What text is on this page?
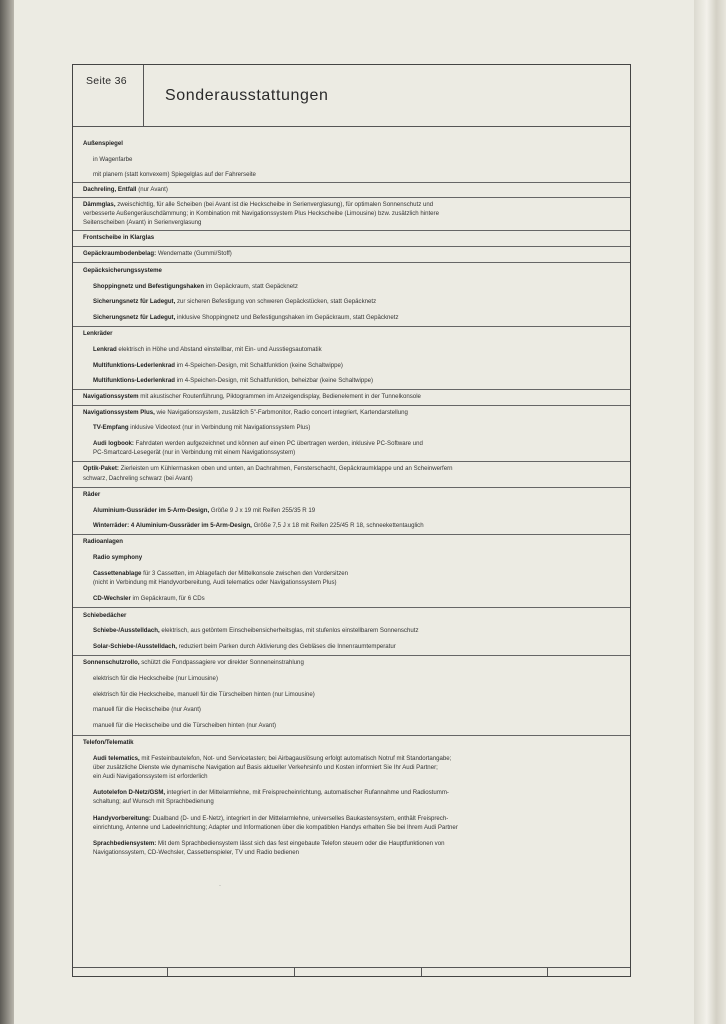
Seite 36
Sonderausstattungen
Außenspiegel
in Wagenfarbe
mit planem (statt konvexem) Spiegelglas auf der Fahrerseite
Dachreling, Entfall (nur Avant)
Dämmglas, zweischichtig, für alle Scheiben (bei Avant ist die Heckscheibe in Serienverglasung), für optimalen Sonnenschutz und
verbesserte Außengeräuschdämmung; in Kombination mit Navigationssystem Plus Heckscheibe (Limousine) bzw. zusätzlich hintere
Seitenscheiben (Avant) in Serienverglasung
Frontscheibe in Klarglas
Gepäckraumbodenbelag: Wendematte (Gummi/Stoff)
Gepäcksicherungssysteme
Shoppingnetz und Befestigungshaken im Gepäckraum, statt Gepäcknetz
Sicherungsnetz für Ladegut, zur sicheren Befestigung von schweren Gepäckstücken, statt Gepäcknetz
Sicherungsnetz für Ladegut, inklusive Shoppingnetz und Befestigungshaken im Gepäckraum, statt Gepäcknetz
Lenkräder
Lenkrad elektrisch in Höhe und Abstand einstellbar, mit Ein- und Ausstiegsautomatik
Multifunktions-Lederlenkrad im 4-Speichen-Design, mit Schaltfunktion (keine Schaltwippe)
Multifunktions-Lederlenkrad im 4-Speichen-Design, mit Schaltfunktion, beheizbar (keine Schaltwippe)
Navigationssystem mit akustischer Routenführung, Piktogrammen im Anzeigendisplay, Bedienelement in der Tunnelkonsole
Navigationssystem Plus, wie Navigationssystem, zusätzlich 5"-Farbmonitor, Radio concert integriert, Kartendarstellung
TV-Empfang inklusive Videotext (nur in Verbindung mit Navigationssystem Plus)
Audi logbook: Fahrdaten werden aufgezeichnet und können auf einen PC übertragen werden, inklusive PC-Software und
PC-Smartcard-Lesegerät (nur in Verbindung mit einem Navigationssystem)
Optik-Paket: Zierleisten um Kühlermasken oben und unten, an Dachrahmen, Fensterschacht, Gepäckraumklappe und an Scheinwerfern
schwarz, Dachreling schwarz (bei Avant)
Räder
Aluminium-Gussräder im 5-Arm-Design, Größe 9 J x 19 mit Reifen 255/35 R 19
Winterräder: 4 Aluminium-Gussräder im 5-Arm-Design, Größe 7,5 J x 18 mit Reifen 225/45 R 18, schneekettentauglich
Radioanlagen
Radio symphony
Cassettenablage für 3 Cassetten, im Ablagefach der Mittelkonsole zwischen den Vordersitzen
(nicht in Verbindung mit Handyvorbereitung, Audi telematics oder Navigationssystem Plus)
CD-Wechsler im Gepäckraum, für 6 CDs
Schiebedächer
Schiebe-/Ausstelldach, elektrisch, aus getöntem Einscheibensicherheitsglas, mit stufenlos einstellbarem Sonnenschutz
Solar-Schiebe-/Ausstelldach, reduziert beim Parken durch Aktivierung des Gebläses die Innenraumtemperatur
Sonnenschutzrollo, schützt die Fondpassagiere vor direkter Sonneneinstrahlung
elektrisch für die Heckscheibe (nur Limousine)
elektrisch für die Heckscheibe, manuell für die Türscheiben hinten (nur Limousine)
manuell für die Heckscheibe (nur Avant)
manuell für die Heckscheibe und die Türscheiben hinten (nur Avant)
Telefon/Telematik
Audi telematics, mit Festeinbautelefon, Not- und Servicetasten; bei Airbagauslösung erfolgt automatisch Notruf mit Standortangabe;
über zusätzliche Dienste wie dynamische Navigation auf Basis aktueller Verkehrsinfo und Kosten informiert Sie Ihr Audi Partner;
ein Audi Navigationssystem ist erforderlich
Autotelefon D-Netz/GSM, integriert in der Mittelarmlehne, mit Freisprecheinrichtung, automatischer Rufannahme und Radiostumm-
schaltung; auf Wunsch mit Sprachbedienung
Handyvorbereitung: Dualband (D- und E-Netz), integriert in der Mittelarmlehne, universelles Baukastensystem, enthält Freisprech-
einrichtung, Antenne und Ladeelnrichtung; Adapter und Informationen über die kompatiblen Handys erhalten Sie bei Ihrem Audi Partner
Sprachbediensystem: Mit dem Sprachbediensystem lässt sich das fest eingebaute Telefon steuern oder die Hauptfunktionen von
Navigationssystem, CD-Wechsler, Cassettenspieler, TV und Radio bedienen
·
